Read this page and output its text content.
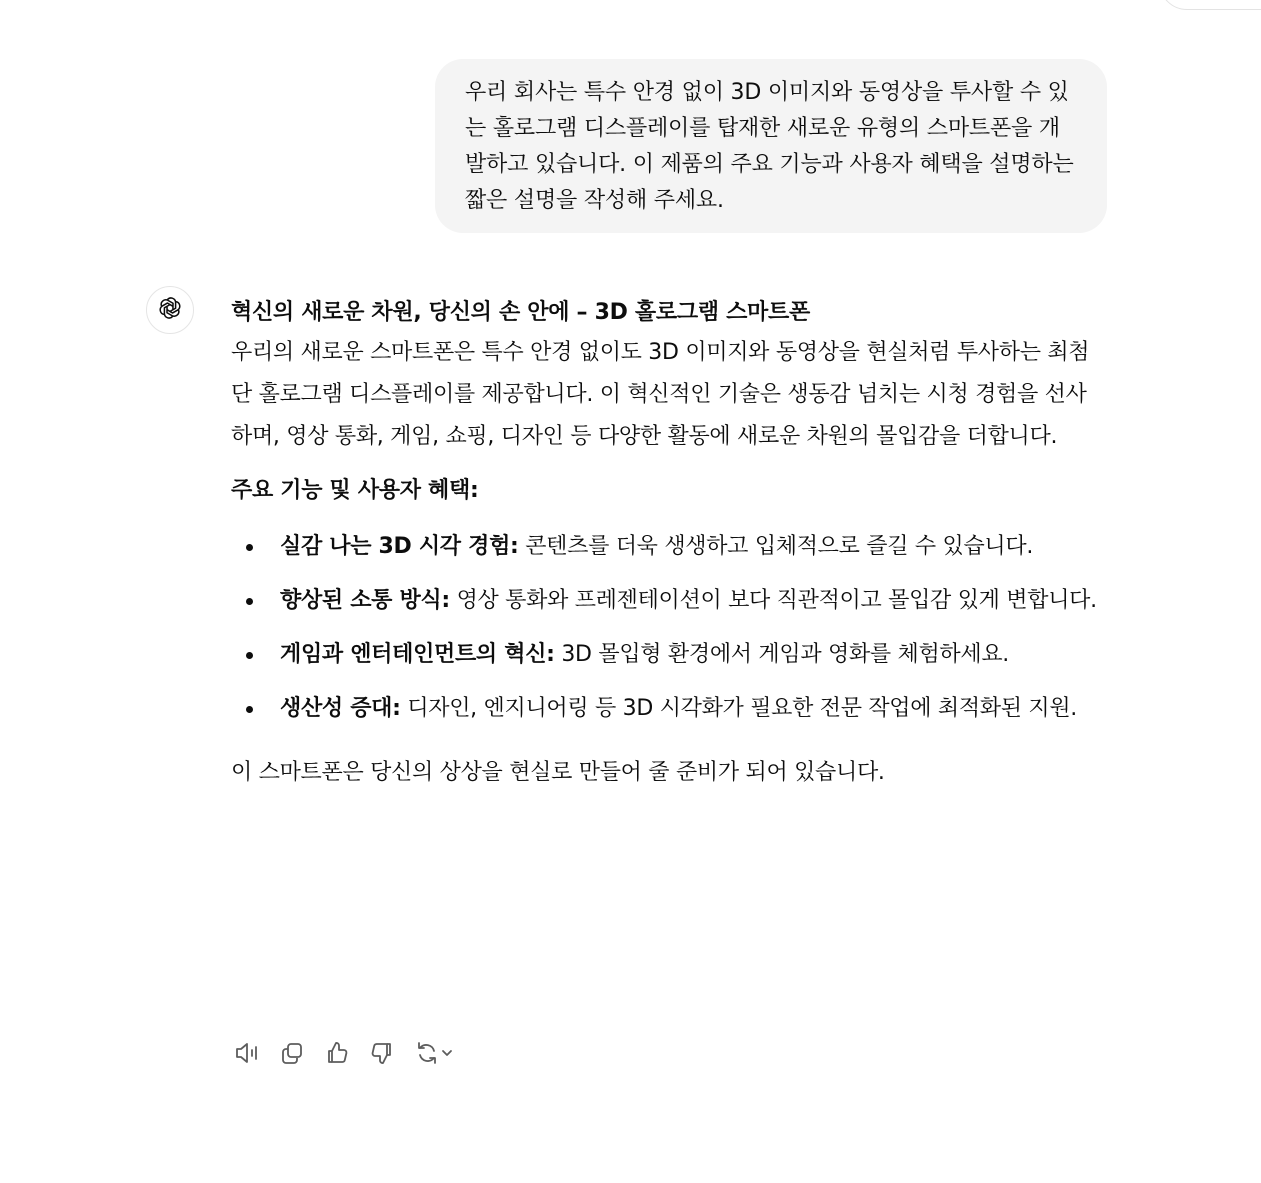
우리 회사는 특수 안경 없이 3D 이미지와 동영상을 투사할 수 있는 홀로그램 디스플레이를 탑재한 새로운 유형의 스마트폰을 개발하고 있습니다. 이 제품의 주요 기능과 사용자 혜택을 설명하는 짧은 설명을 작성해 주세요.

혁신의 새로운 차원, 당신의 손 안에 – 3D 홀로그램 스마트폰

우리의 새로운 스마트폰은 특수 안경 없이도 3D 이미지와 동영상을 현실처럼 투사하는 최첨단 홀로그램 디스플레이를 제공합니다. 이 혁신적인 기술은 생동감 넘치는 시청 경험을 선사하며, 영상 통화, 게임, 쇼핑, 디자인 등 다양한 활동에 새로운 차원의 몰입감을 더합니다.

주요 기능 및 사용자 혜택:

실감 나는 3D 시각 경험: 콘텐츠를 더욱 생생하고 입체적으로 즐길 수 있습니다.
향상된 소통 방식: 영상 통화와 프레젠테이션이 보다 직관적이고 몰입감 있게 변합니다.
게임과 엔터테인먼트의 혁신: 3D 몰입형 환경에서 게임과 영화를 체험하세요.
생산성 증대: 디자인, 엔지니어링 등 3D 시각화가 필요한 전문 작업에 최적화된 지원.

이 스마트폰은 당신의 상상을 현실로 만들어 줄 준비가 되어 있습니다.
